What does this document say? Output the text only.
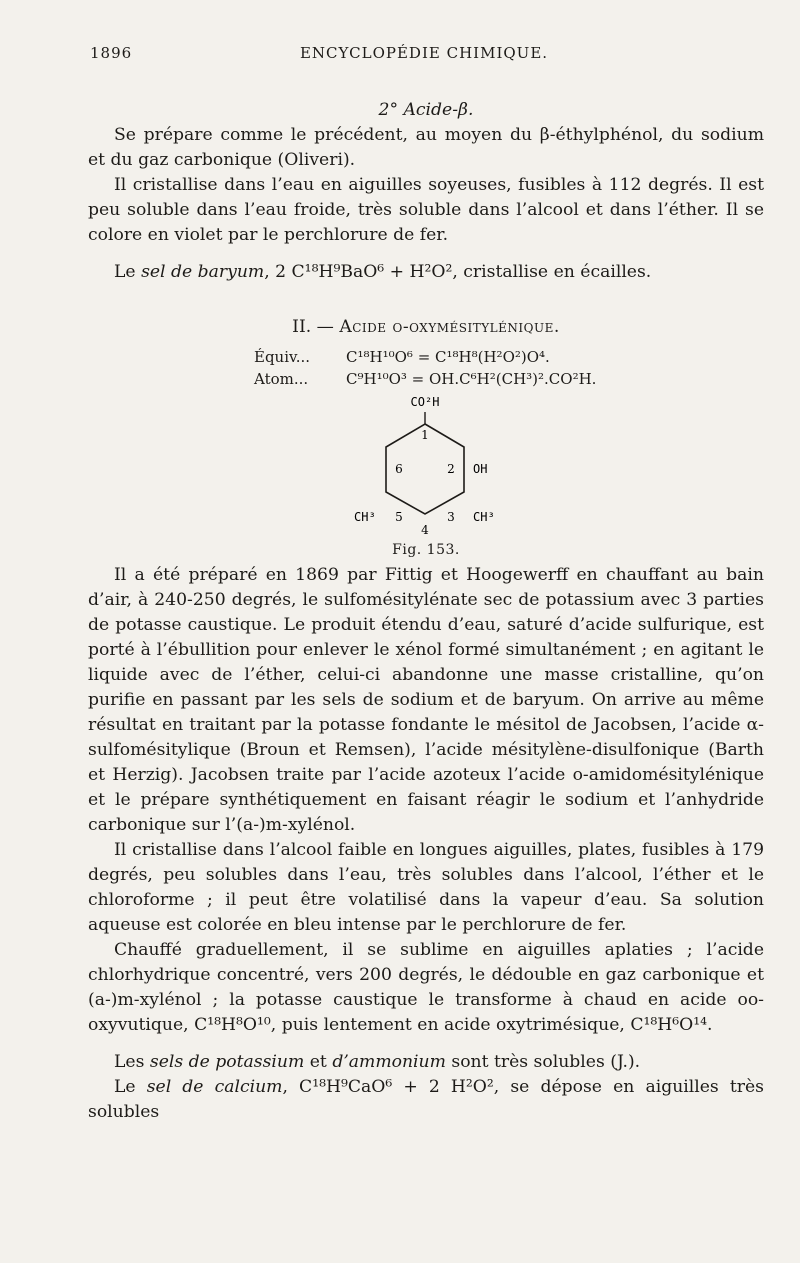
1896	ENCYCLOPÉDIE CHIMIQUE.

2° Acide-β.

Se prépare comme le précédent, au moyen du β-éthylphénol, du sodium et du gaz carbonique (Oliveri).

Il cristallise dans l’eau en aiguilles soyeuses, fusibles à 112 degrés. Il est peu soluble dans l’eau froide, très soluble dans l’alcool et dans l’éther. Il se colore en violet par le perchlorure de fer.

Le sel de baryum, 2 C¹⁸H⁹BaO⁶ + H²O², cristallise en écailles.

II. — Acide o-oxymésitylénique.

Équiv...	C¹⁸H¹⁰O⁶ = C¹⁸H⁸(H²O²)O⁴.
Atom...	C⁹H¹⁰O³ = OH.C⁶H²(CH³)².CO²H.
CO²H
OH
CH³	CH³
1
2
3
4
5
6

Fig. 153.

Il a été préparé en 1869 par Fittig et Hoogewerff en chauffant au bain d’air, à 240-250 degrés, le sulfomésitylénate sec de potassium avec 3 parties de potasse caustique. Le produit étendu d’eau, saturé d’acide sulfurique, est porté à l’ébullition pour enlever le xénol formé simultanément ; en agitant le liquide avec de l’éther, celui-ci abandonne une masse cristalline, qu’on purifie en passant par les sels de sodium et de baryum. On arrive au même résultat en traitant par la potasse fondante le mésitol de Jacobsen, l’acide α-sulfomésitylique (Broun et Remsen), l’acide mésitylène-disulfonique (Barth et Herzig). Jacobsen traite par l’acide azoteux l’acide o-amidomésitylénique et le prépare synthétiquement en faisant réagir le sodium et l’anhydride carbonique sur l’(a-)m-xylénol.

Il cristallise dans l’alcool faible en longues aiguilles, plates, fusibles à 179 degrés, peu solubles dans l’eau, très solubles dans l’alcool, l’éther et le chloroforme ; il peut être volatilisé dans la vapeur d’eau. Sa solution aqueuse est colorée en bleu intense par le perchlorure de fer.

Chauffé graduellement, il se sublime en aiguilles aplaties ; l’acide chlorhydrique concentré, vers 200 degrés, le dédouble en gaz carbonique et (a-)m-xylénol ; la potasse caustique le transforme à chaud en acide oo-oxyvutique, C¹⁸H⁸O¹⁰, puis lentement en acide oxytrimésique, C¹⁸H⁶O¹⁴.

Les sels de potassium et d’ammonium sont très solubles (J.).

Le sel de calcium, C¹⁸H⁹CaO⁶ + 2 H²O², se dépose en aiguilles très solubles
